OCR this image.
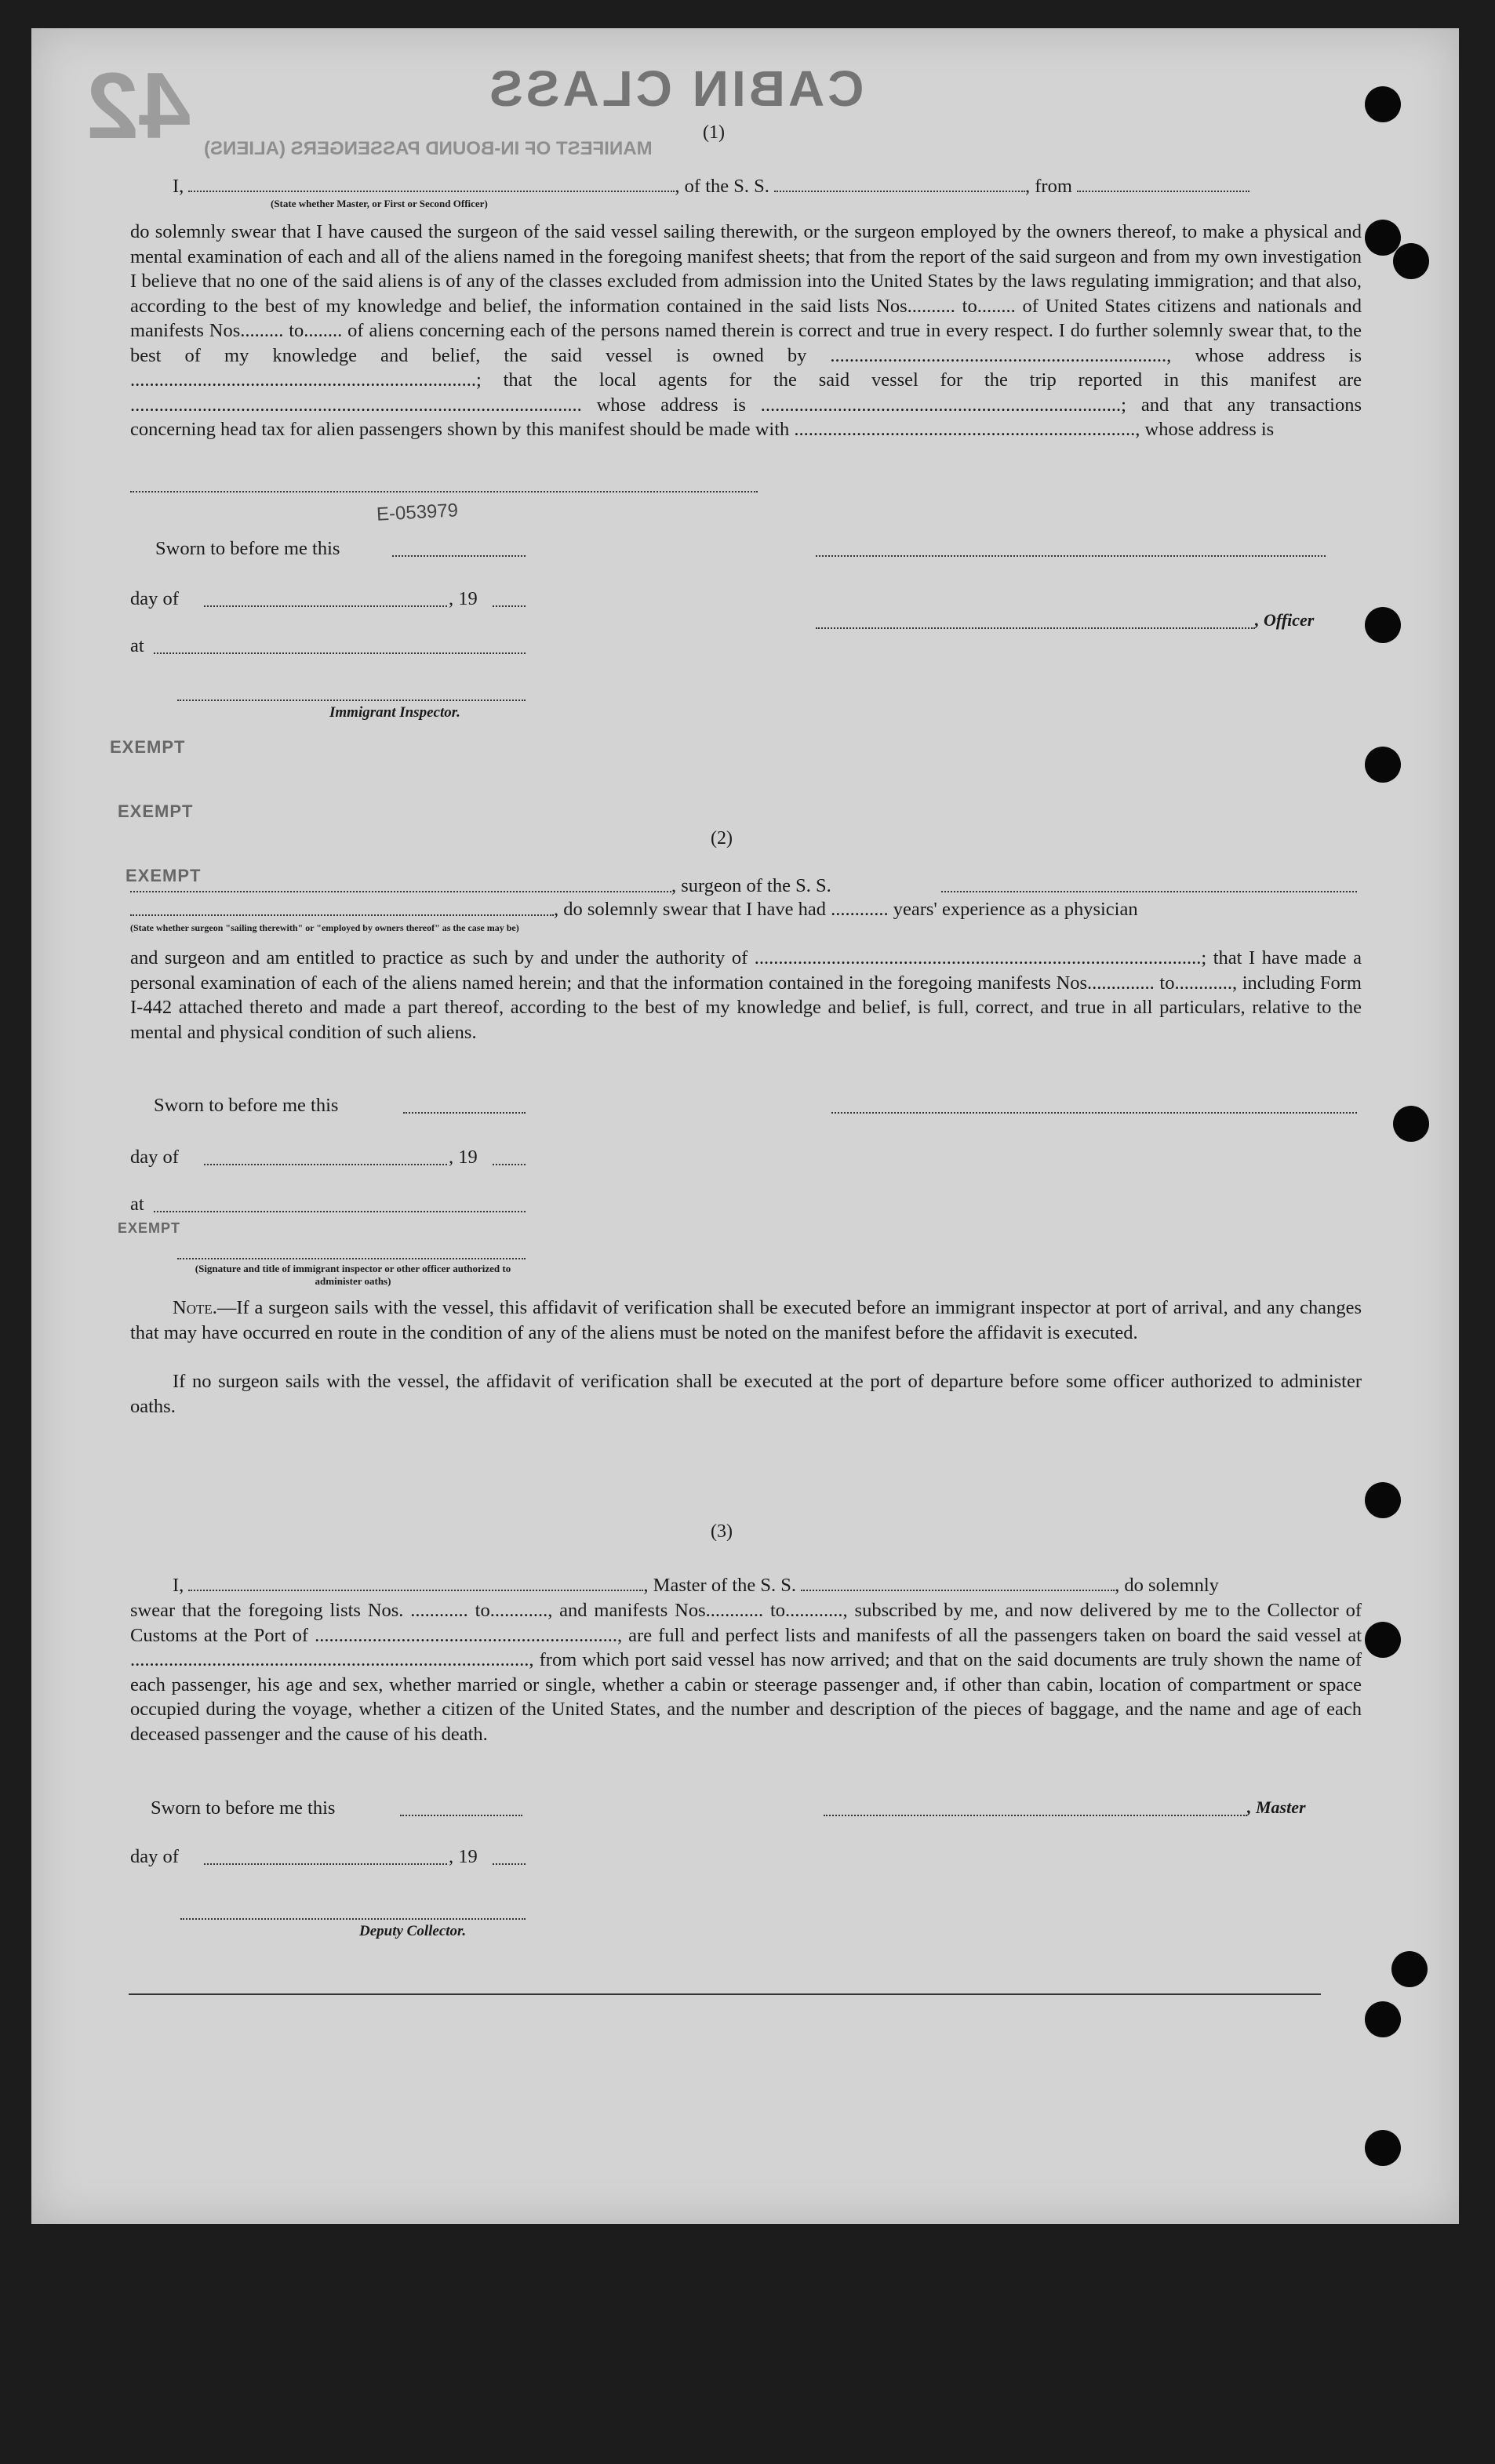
42	CABIN CLASS
MANIFEST OF IN-BOUND PASSENGERS (ALIENS)
(1)
I,	, of the S. S.	, from
(State whether Master, or First or Second Officer)
do solemnly swear that I have caused the surgeon of the said vessel sailing therewith, or the surgeon employed by the owners thereof, to make a physical and mental examination of each and all of the aliens named in the foregoing manifest sheets; that from the report of the said surgeon and from my own investigation I believe that no one of the said aliens is of any of the classes excluded from admission into the United States by the laws regulating immigration; and that also, according to the best of my knowledge and belief, the information contained in the said lists Nos.......... to........ of United States citizens and nationals and manifests Nos......... to........ of aliens concerning each of the persons named therein is correct and true in every respect. I do further solemnly swear that, to the best of my knowledge and belief, the said vessel is owned by ......................................................................, whose address is ........................................................................; that the local agents for the said vessel for the trip reported in this manifest are .............................................................................................. whose address is ...........................................................................; and that any transactions concerning head tax for alien passengers shown by this manifest should be made with ......................................................................., whose address is
Sworn to before me this
E-053979
day of	, 19
at
Immigrant Inspector.
, Officer
EXEMPT
EXEMPT
EXEMPT
(2)
, surgeon of the S. S.
, do solemnly swear that I have had ............ years' experience as a physician
(State whether surgeon "sailing therewith" or "employed by owners thereof" as the case may be)
and surgeon and am entitled to practice as such by and under the authority of .............................................................................................; that I have made a personal examination of each of the aliens named herein; and that the information contained in the foregoing manifests Nos.............. to............, including Form I-442 attached thereto and made a part thereof, according to the best of my knowledge and belief, is full, correct, and true in all particulars, relative to the mental and physical condition of such aliens.
Sworn to before me this
day of	, 19
at
EXEMPT
(Signature and title of immigrant inspector or other officer authorized to administer oaths)
Note.—If a surgeon sails with the vessel, this affidavit of verification shall be executed before an immigrant inspector at port of arrival, and any changes that may have occurred en route in the condition of any of the aliens must be noted on the manifest before the affidavit is executed.
If no surgeon sails with the vessel, the affidavit of verification shall be executed at the port of departure before some officer authorized to administer oaths.
(3)
I,	, Master of the S. S.	, do solemnly
swear that the foregoing lists Nos. ............ to............, and manifests Nos............ to............, subscribed by me, and now delivered by me to the Collector of Customs at the Port of ..............................................................., are full and perfect lists and manifests of all the passengers taken on board the said vessel at ..................................................................................., from which port said vessel has now arrived; and that on the said documents are truly shown the name of each passenger, his age and sex, whether married or single, whether a cabin or steerage passenger and, if other than cabin, location of compartment or space occupied during the voyage, whether a citizen of the United States, and the number and description of the pieces of baggage, and the name and age of each deceased passenger and the cause of his death.
Sworn to before me this	, Master
day of	, 19
Deputy Collector.
